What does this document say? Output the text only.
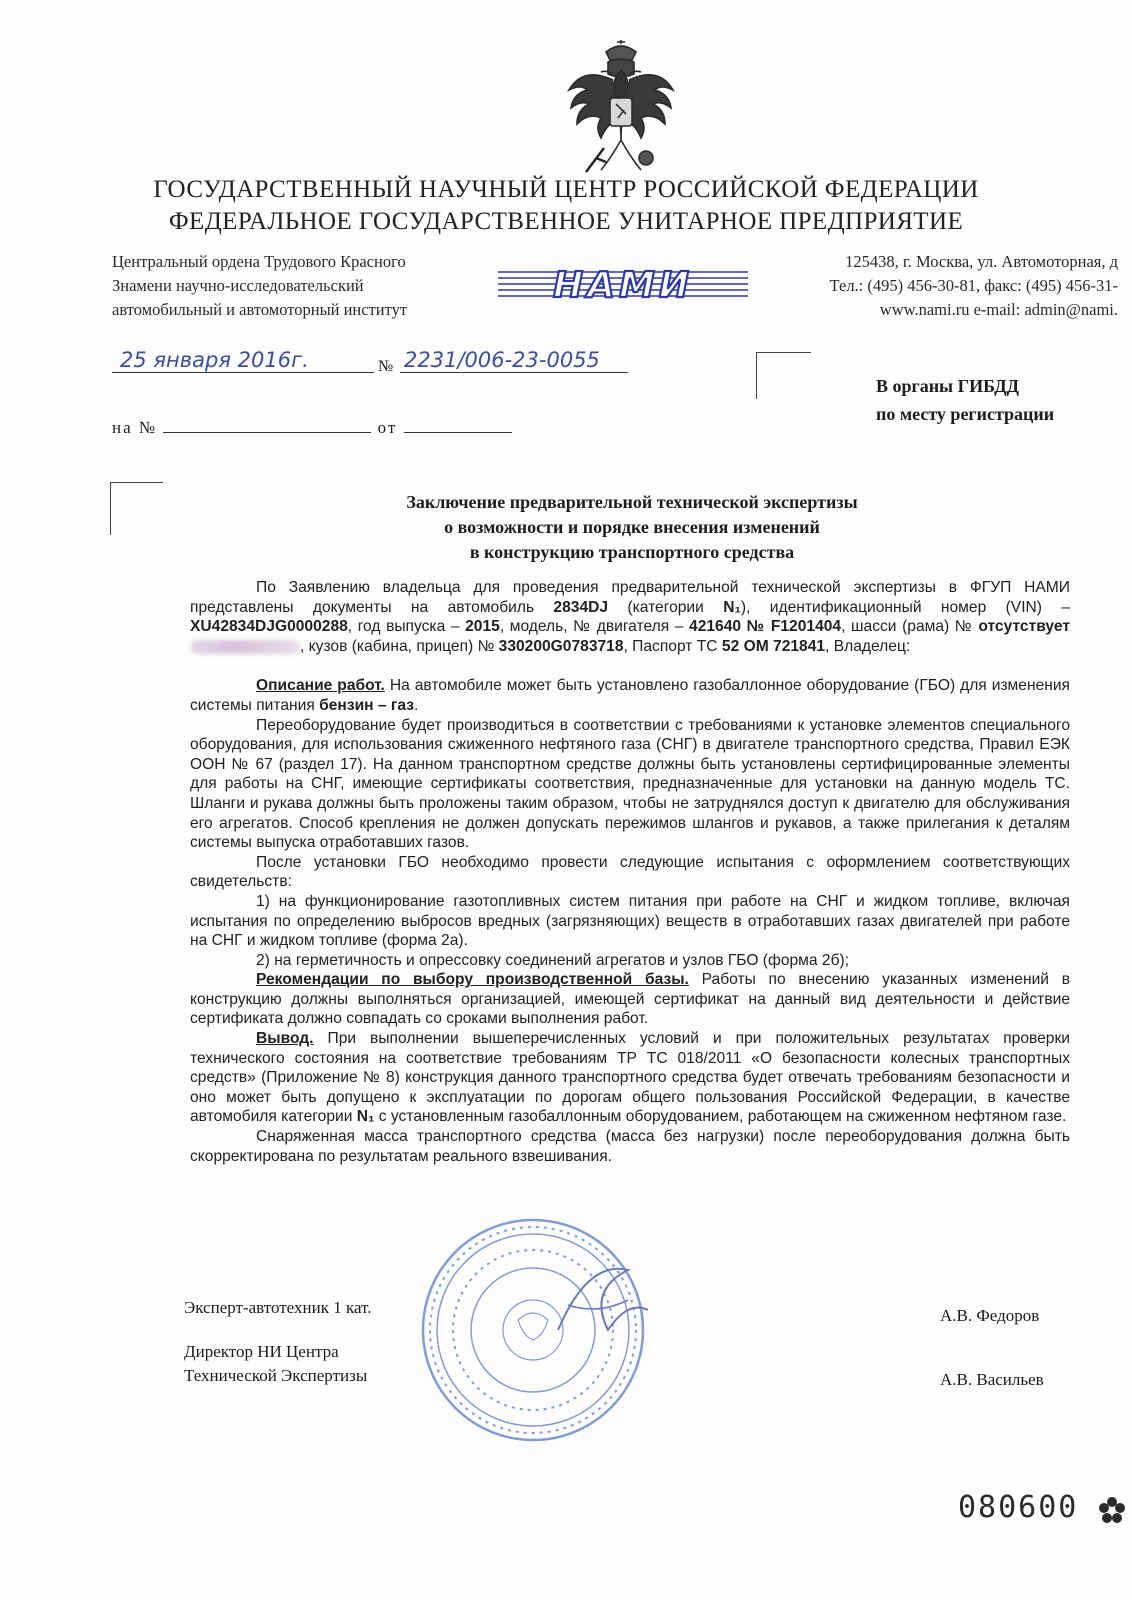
ГОСУДАРСТВЕННЫЙ НАУЧНЫЙ ЦЕНТР РОССИЙСКОЙ ФЕДЕРАЦИИ
ФЕДЕРАЛЬНОЕ ГОСУДАРСТВЕННОЕ УНИТАРНОЕ ПРЕДПРИЯТИЕ
Центральный ордена Трудового Красного
Знамени научно-исследовательский
автомобильный и автомоторный институт
НАМИ
125438, г. Москва, ул. Автомоторная, д
Тел.: (495) 456-30-81, факс: (495) 456-31-
www.nami.ru e-mail: admin@nami.
25 января 2016г.	№ 2231/006-23-0055
В органы ГИБДД
по месту регистрации
на №	от
Заключение предварительной технической экспертизы
о возможности и порядке внесения изменений
в конструкцию транспортного средства

По Заявлению владельца для проведения предварительной технической экспертизы в ФГУП НАМИ представлены документы на автомобиль 2834DJ (категории N₁), идентификационный номер (VIN) – XU42834DJG0000288, год выпуска – 2015, модель, № двигателя – 421640 № F1201404, шасси (рама) № отсутствует , кузов (кабина, прицеп) № 330200G0783718, Паспорт ТС 52 ОМ 721841, Владелец:

Описание работ. На автомобиле может быть установлено газобаллонное оборудование (ГБО) для изменения системы питания бензин – газ.

Переоборудование будет производиться в соответствии с требованиями к установке элементов специального оборудования, для использования сжиженного нефтяного газа (СНГ) в двигателе транспортного средства, Правил ЕЭК ООН № 67 (раздел 17). На данном транспортном средстве должны быть установлены сертифицированные элементы для работы на СНГ, имеющие сертификаты соответствия, предназначенные для установки на данную модель ТС. Шланги и рукава должны быть проложены таким образом, чтобы не затруднялся доступ к двигателю для обслуживания его агрегатов. Способ крепления не должен допускать пережимов шлангов и рукавов, а также прилегания к деталям системы выпуска отработавших газов.

После установки ГБО необходимо провести следующие испытания с оформлением соответствующих свидетельств:

1) на функционирование газотопливных систем питания при работе на СНГ и жидком топливе, включая испытания по определению выбросов вредных (загрязняющих) веществ в отработавших газах двигателей при работе на СНГ и жидком топливе (форма 2а).

2) на герметичность и опрессовку соединений агрегатов и узлов ГБО (форма 2б);

Рекомендации по выбору производственной базы. Работы по внесению указанных изменений в конструкцию должны выполняться организацией, имеющей сертификат на данный вид деятельности и действие сертификата должно совпадать со сроками выполнения работ.

Вывод. При выполнении вышеперечисленных условий и при положительных результатах проверки технического состояния на соответствие требованиям ТР ТС 018/2011 «О безопасности колесных транспортных средств» (Приложение № 8) конструкция данного транспортного средства будет отвечать требованиям безопасности и оно может быть допущено к эксплуатации по дорогам общего пользования Российской Федерации, в качестве автомобиля категории N₁ с установленным газобаллонным оборудованием, работающем на сжиженном нефтяном газе.

Снаряженная масса транспортного средства (масса без нагрузки) после переоборудования должна быть скорректирована по результатам реального взвешивания.

Эксперт-автотехник 1 кат.	А.В. Федоров
Директор НИ Центра
Технической Экспертизы	А.В. Васильев
080600
